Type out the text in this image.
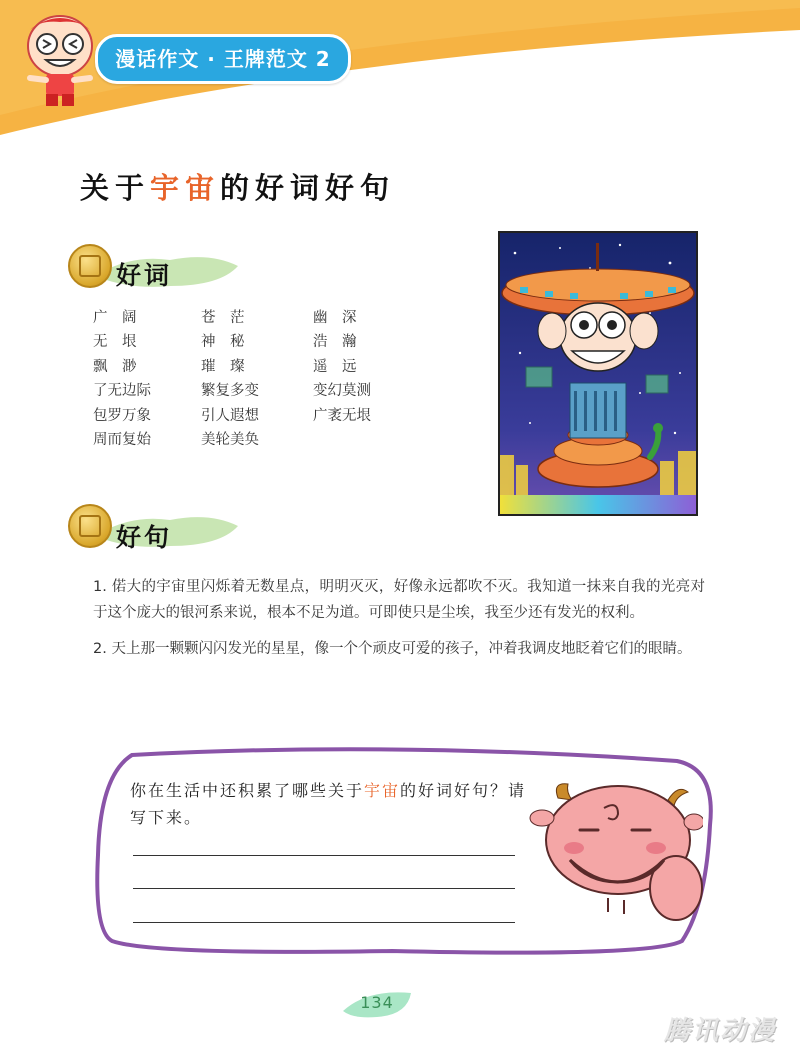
漫话作文 · 王牌范文 2
关于宇宙的好词好句
好词
广　阔	苍　茫	幽　深
无　垠	神　秘	浩　瀚
飘　渺	璀　璨	遥　远
了无边际	繁复多变	变幻莫测
包罗万象	引人遐想	广袤无垠
周而复始	美轮美奂
好句

1. 偌大的宇宙里闪烁着无数星点，明明灭灭，好像永远都吹不灭。我知道一抹来自我的光亮对于这个庞大的银河系来说，根本不足为道。可即使只是尘埃，我至少还有发光的权利。

2. 天上那一颗颗闪闪发光的星星，像一个个顽皮可爱的孩子，冲着我调皮地眨着它们的眼睛。

你在生活中还积累了哪些关于宇宙的好词好句？请写下来。
134
腾讯动漫
